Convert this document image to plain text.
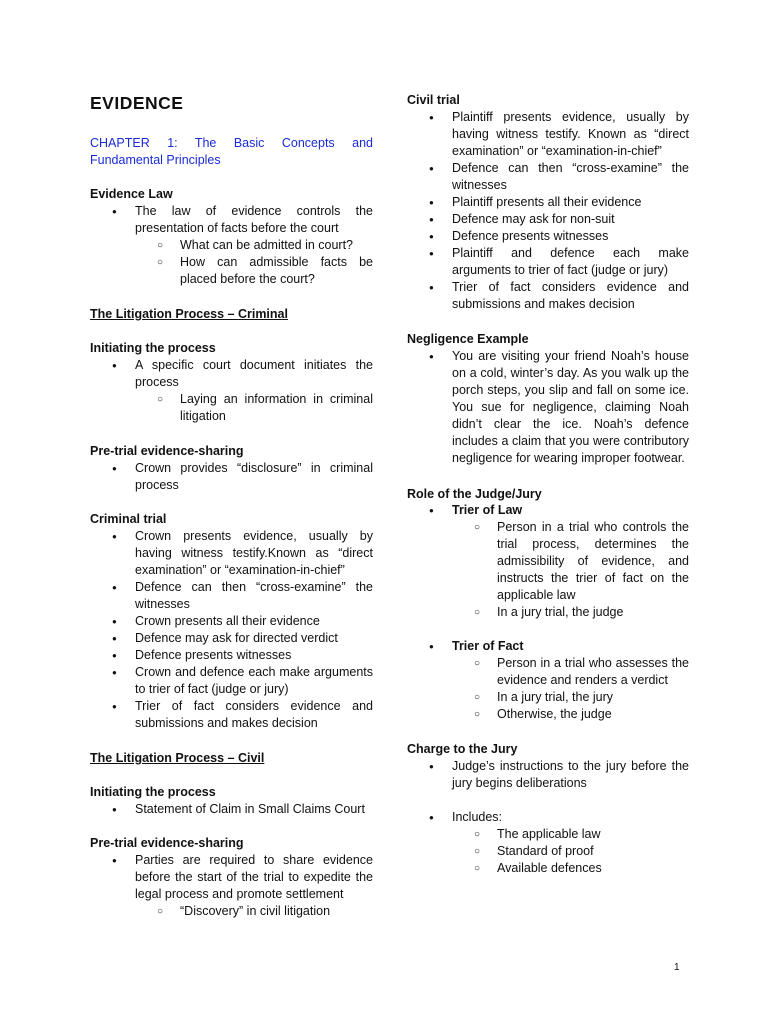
EVIDENCE

CHAPTER 1: The Basic Concepts and Fundamental Principles

Evidence Law

● The law of evidence controls the presentation of facts before the court

○ What can be admitted in court?

○ How can admissible facts be placed before the court?

The Litigation Process – Criminal

Initiating the process

● A specific court document initiates the process

○ Laying an information in criminal litigation

Pre-trial evidence-sharing

● Crown provides “disclosure” in criminal process

Criminal trial

● Crown presents evidence, usually by having witness testify.Known as “direct examination” or “examination-in-chief”

● Defence can then “cross-examine” the witnesses

● Crown presents all their evidence

● Defence may ask for directed verdict

● Defence presents witnesses

● Crown and defence each make arguments to trier of fact (judge or jury)

● Trier of fact considers evidence and submissions and makes decision

The Litigation Process – Civil

Initiating the process

● Statement of Claim in Small Claims Court

Pre-trial evidence-sharing

● Parties are required to share evidence before the start of the trial to expedite the legal process and promote settlement

○ “Discovery” in civil litigation

Civil trial

● Plaintiff presents evidence, usually by having witness testify. Known as “direct examination” or “examination-in-chief”

● Defence can then “cross-examine” the witnesses

● Plaintiff presents all their evidence

● Defence may ask for non-suit

● Defence presents witnesses

● Plaintiff and defence each make arguments to trier of fact (judge or jury)

● Trier of fact considers evidence and submissions and makes decision

Negligence Example

● You are visiting your friend Noah’s house on a cold, winter’s day. As you walk up the porch steps, you slip and fall on some ice. You sue for negligence, claiming Noah didn’t clear the ice. Noah’s defence includes a claim that you were contributory negligence for wearing improper footwear.

Role of the Judge/Jury

● Trier of Law

○ Person in a trial who controls the trial process, determines the admissibility of evidence, and instructs the trier of fact on the applicable law

○ In a jury trial, the judge

● Trier of Fact

○ Person in a trial who assesses the evidence and renders a verdict

○ In a jury trial, the jury

○ Otherwise, the judge

Charge to the Jury

● Judge’s instructions to the jury before the jury begins deliberations

● Includes:

○ The applicable law

○ Standard of proof

○ Available defences

1
